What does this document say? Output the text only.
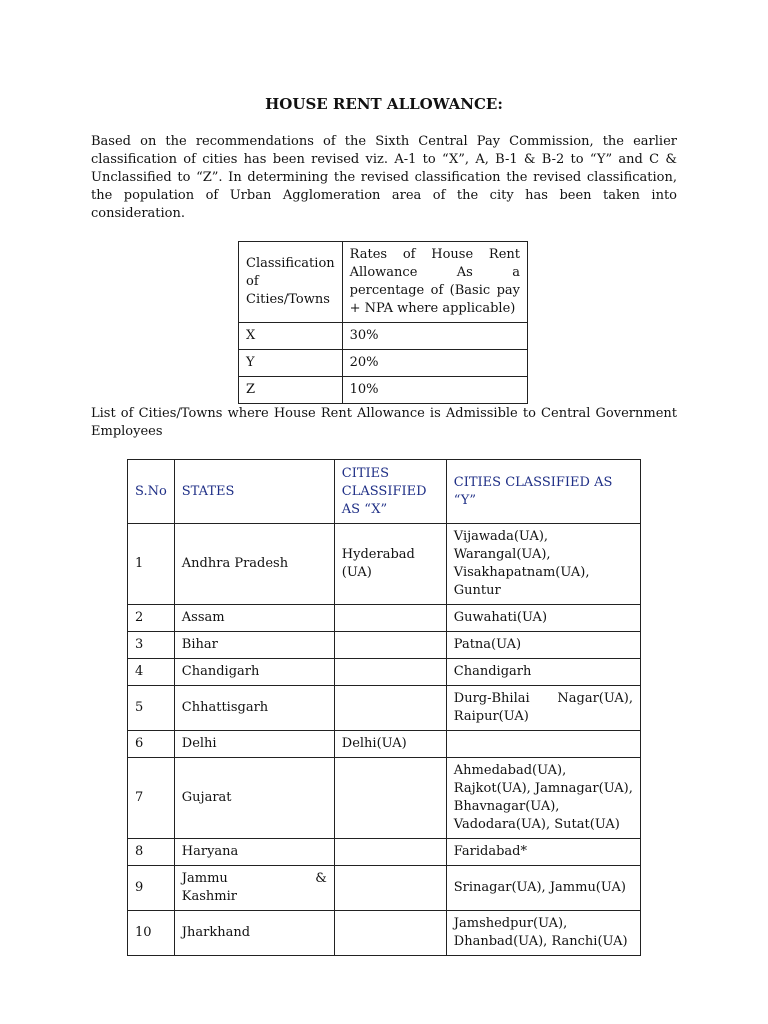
HOUSE RENT ALLOWANCE:

Based on the recommendations of the Sixth Central Pay Commission, the earlier classification of cities has been revised viz. A-1 to “X”, A, B-1 & B-2 to “Y” and C & Unclassified to “Z”. In determining the revised classification the revised classification, the population of Urban Agglomeration area of the city has been taken into consideration.

Classification of Cities/Towns	Rates of House Rent Allowance As a percentage of (Basic pay + NPA where applicable)
X	30%
Y	20%
Z	10%

List of Cities/Towns where House Rent Allowance is Admissible to Central Government Employees

S.No	STATES	CITIES CLASSIFIED AS “X”	CITIES CLASSIFIED AS “Y”
1	Andhra Pradesh	Hyderabad (UA)	Vijawada(UA), Warangal(UA), Visakhapatnam(UA), Guntur
2	Assam		Guwahati(UA)
3	Bihar		Patna(UA)
4	Chandigarh		Chandigarh
5	Chhattisgarh		Durg-Bhilai Nagar(UA), Raipur(UA)
6	Delhi	Delhi(UA)	
7	Gujarat		Ahmedabad(UA), Rajkot(UA), Jamnagar(UA), Bhavnagar(UA), Vadodara(UA), Sutat(UA)
8	Haryana		Faridabad*
9	Jammu &
Kashmir		Srinagar(UA), Jammu(UA)
10	Jharkhand		Jamshedpur(UA), Dhanbad(UA), Ranchi(UA)
